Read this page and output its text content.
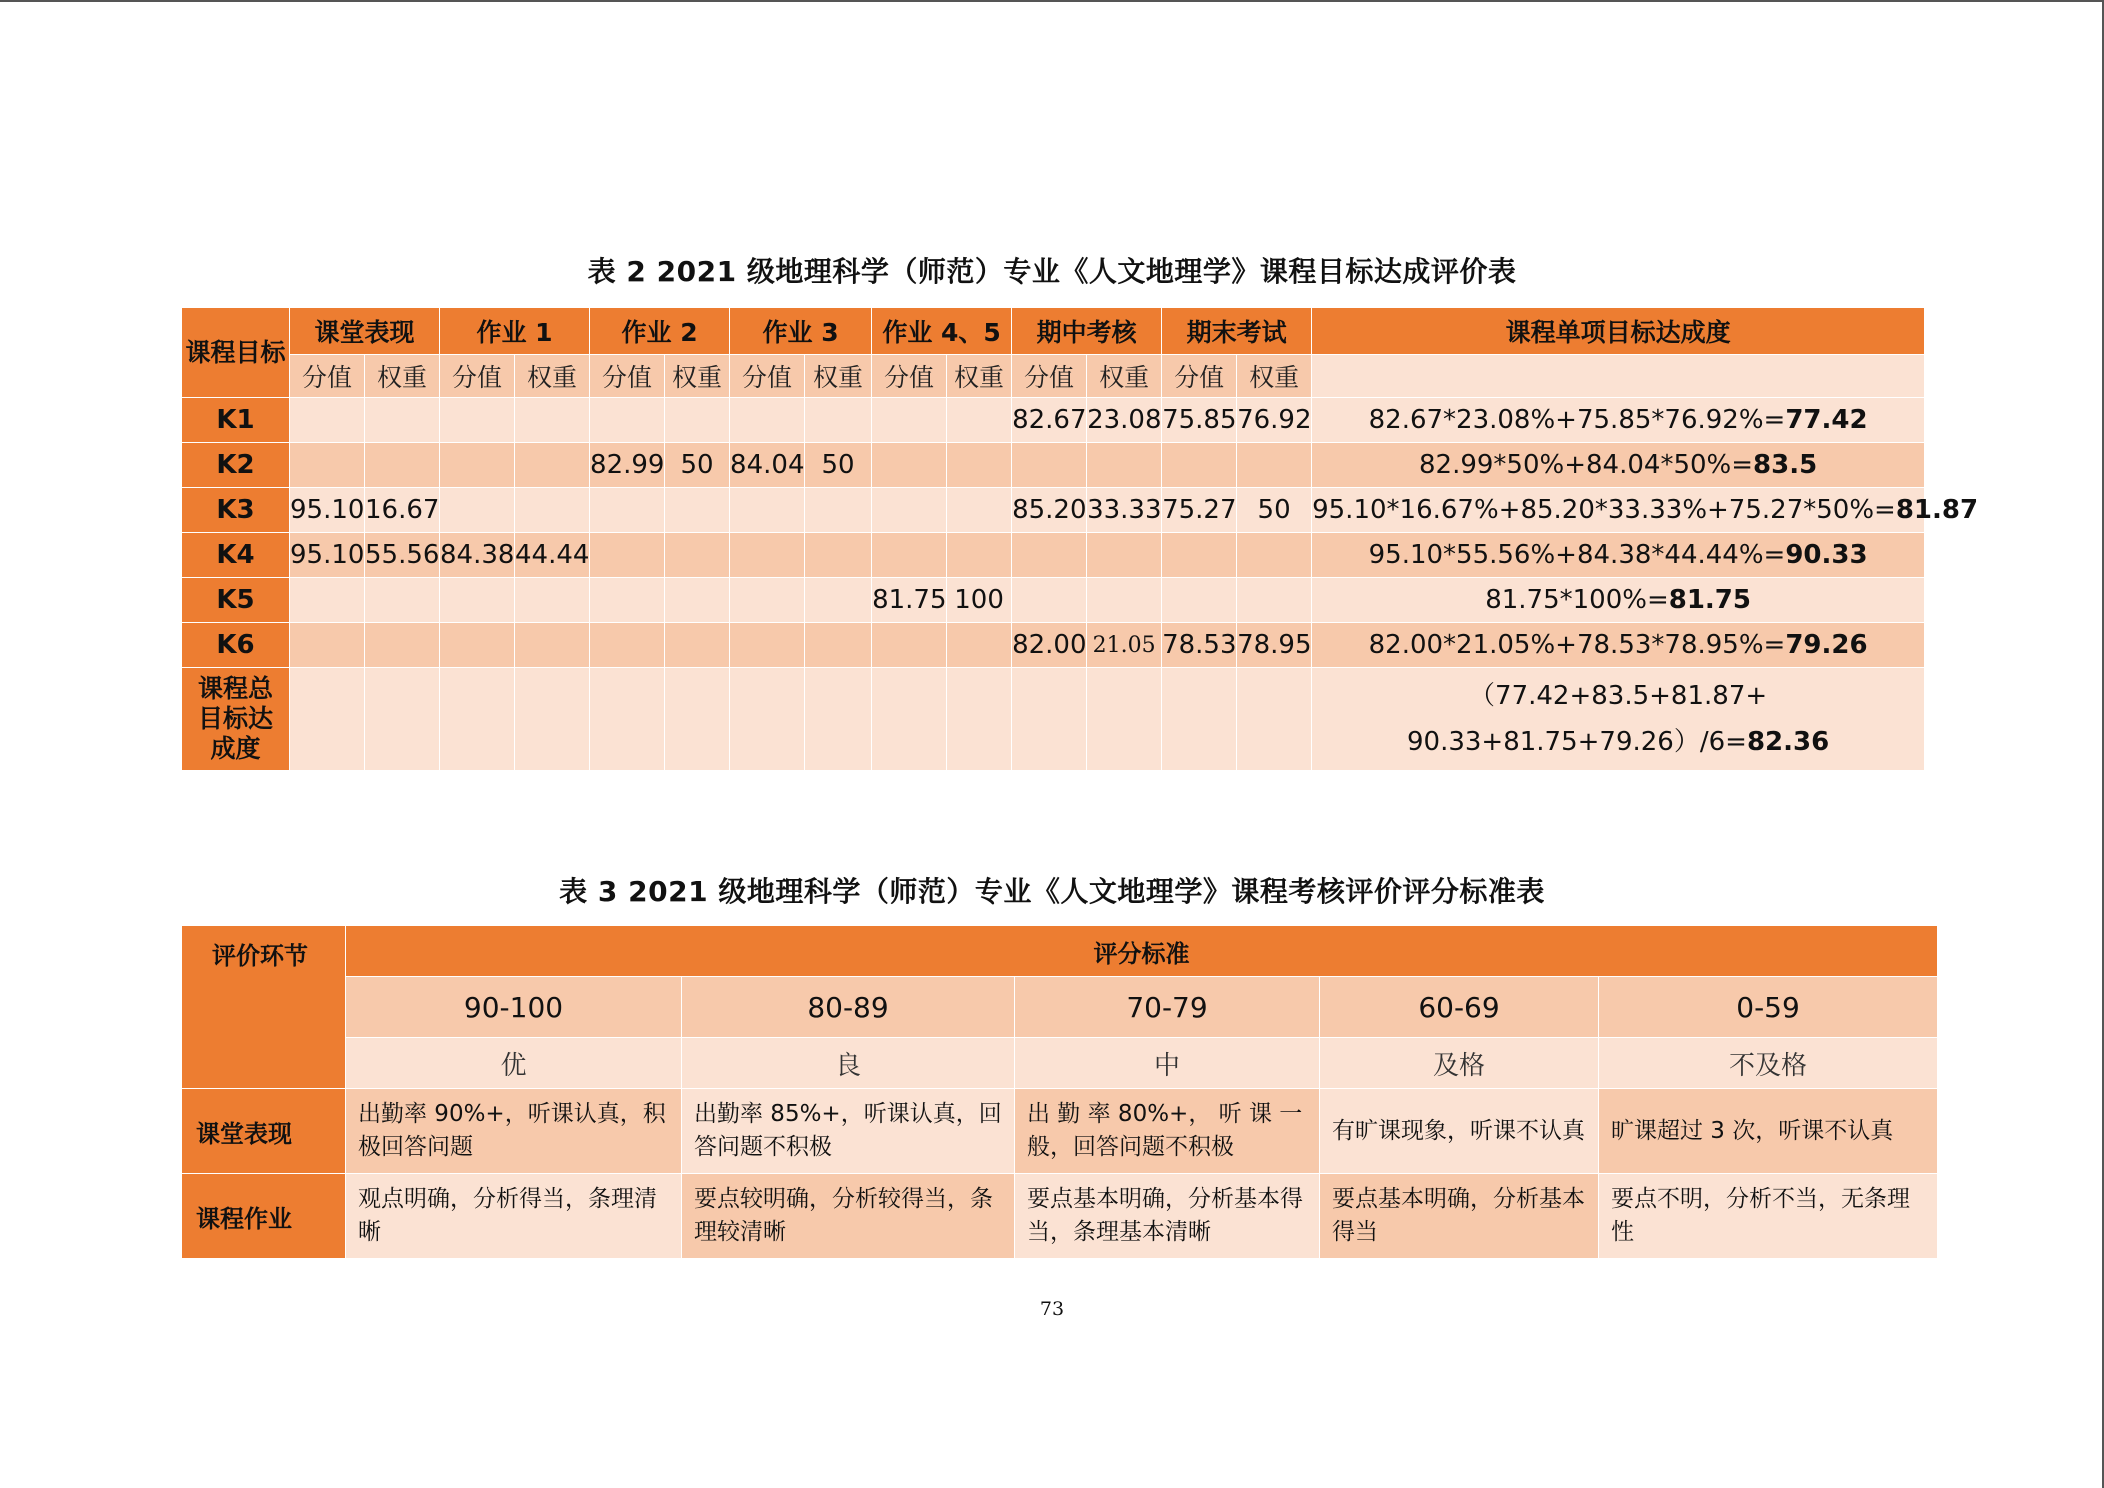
表 2 2021 级地理科学（师范）专业《人文地理学》课程目标达成评价表
课程目标	课堂表现		作业 1		作业 2		作业 3		作业 4、5		期中考核		期末考试		课程单项目标达成度
	分值	权重	分值	权重	分值	权重	分值	权重	分值	权重	分值	权重	分值	权重	
K1											82.67	23.08	75.85	76.92	82.67*23.08%+75.85*76.92%=77.42
K2					82.99	50	84.04	50							82.99*50%+84.04*50%=83.5
K3	95.10	16.67									85.20	33.33	75.27	50	95.10*16.67%+85.20*33.33%+75.27*50%=81.87
K4	95.10	55.56	84.38	44.44											95.10*55.56%+84.38*44.44%=90.33
K5									81.75	100					81.75*100%=81.75
K6											82.00	21.05	78.53	78.95	82.00*21.05%+78.53*78.95%=79.26
课程总
目标达
成度															（77.42+83.5+81.87+
90.33+81.75+79.26）/6=82.36
表 3 2021 级地理科学（师范）专业《人文地理学》课程考核评价评分标准表
评价环节	评分标准				
	90-100	80-89	70-79	60-69	0-59
	优	良	中	及格	不及格
课堂表现	出勤率 90%+，听课认真，积极回答问题	出勤率 85%+，听课认真，回答问题不积极	出 勤 率 80%+， 听 课 一般，回答问题不积极	有旷课现象，听课不认真	旷课超过 3 次，听课不认真
课程作业	观点明确，分析得当，条理清晰	要点较明确，分析较得当，条理较清晰	要点基本明确，分析基本得当，条理基本清晰	要点基本明确，分析基本得当	要点不明，分析不当，无条理性
73
